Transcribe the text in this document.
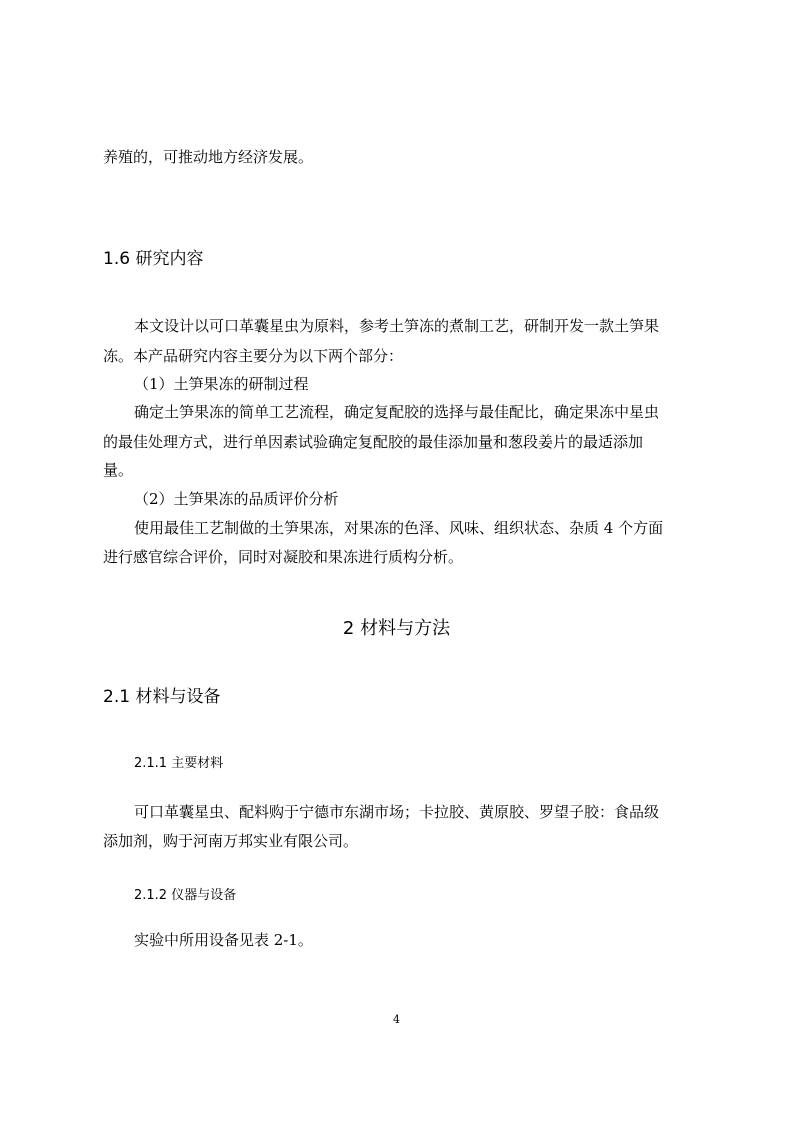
养殖的，可推动地方经济发展。
1.6 研究内容
本文设计以可口革囊星虫为原料，参考土笋冻的煮制工艺，研制开发一款土笋果
冻。本产品研究内容主要分为以下两个部分：
（1）土笋果冻的研制过程
确定土笋果冻的简单工艺流程，确定复配胶的选择与最佳配比，确定果冻中星虫
的最佳处理方式，进行单因素试验确定复配胶的最佳添加量和葱段姜片的最适添加
量。
（2）土笋果冻的品质评价分析
使用最佳工艺制做的土笋果冻，对果冻的色泽、风味、组织状态、杂质 4 个方面
进行感官综合评价，同时对凝胶和果冻进行质构分析。
2 材料与方法
2.1 材料与设备
2.1.1 主要材料
可口革囊星虫、配料购于宁德市东湖市场；卡拉胶、黄原胶、罗望子胶：食品级
添加剂，购于河南万邦实业有限公司。
2.1.2 仪器与设备
实验中所用设备见表 2-1。
4
